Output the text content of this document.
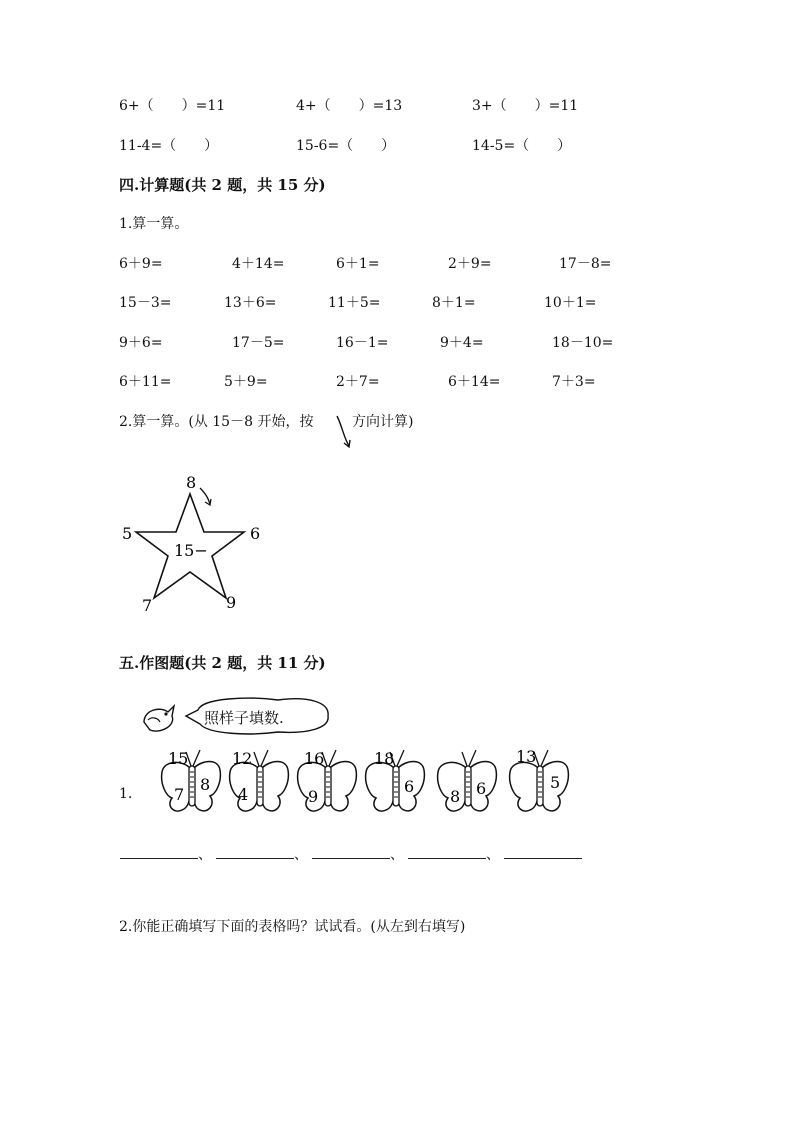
6+（　　）=11	4+（　　）=13	3+（　　）=11
11-4=（　　）	15-6=（　　）	14-5=（　　）
四.计算题(共 2 题，共 15 分)
1.算一算。
6＋9=	4＋14=	6＋1=	2＋9=	17－8=
15－3=	13＋6=	11＋5=	8＋1=	10＋1=
9＋6=	17－5=	16－1=	9＋4=	18－10=
6＋11=	5＋9=	2＋7=	6＋14=	7＋3=
2.算一算。(从 15－8 开始，按	方向计算)
8
5	6
15−
7	9
五.作图题(共 2 题，共 11 分)
照样子填数.
1.
15
7
8
12
4
16
9
18
6
8 6
13
5
、	、	、	、
2.你能正确填写下面的表格吗？试试看。(从左到右填写)
